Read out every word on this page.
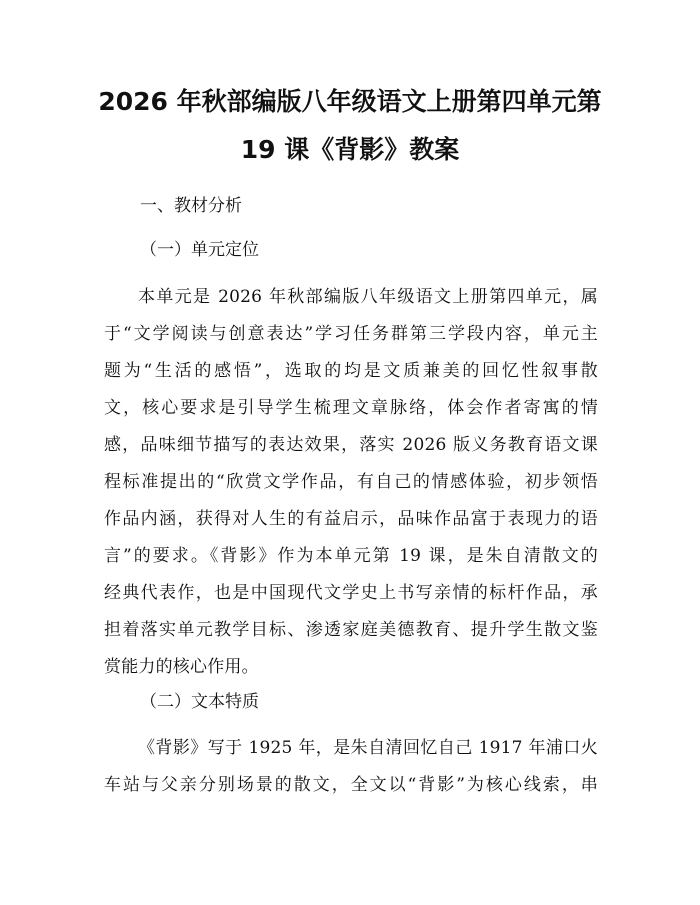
2026 年秋部编版八年级语文上册第四单元第
19 课《背影》教案
一、教材分析
（一）单元定位
本单元是 2026 年秋部编版八年级语文上册第四单元，属
于“文学阅读与创意表达”学习任务群第三学段内容，单元主
题为“生活的感悟”，选取的均是文质兼美的回忆性叙事散
文，核心要求是引导学生梳理文章脉络，体会作者寄寓的情
感，品味细节描写的表达效果，落实 2026 版义务教育语文课
程标准提出的“欣赏文学作品，有自己的情感体验，初步领悟
作品内涵，获得对人生的有益启示，品味作品富于表现力的语
言”的要求。《背影》作为本单元第 19 课，是朱自清散文的
经典代表作，也是中国现代文学史上书写亲情的标杆作品，承
担着落实单元教学目标、渗透家庭美德教育、提升学生散文鉴
赏能力的核心作用。
（二）文本特质
《背影》写于 1925 年，是朱自清回忆自己 1917 年浦口火
车站与父亲分别场景的散文，全文以“背影”为核心线索，串
